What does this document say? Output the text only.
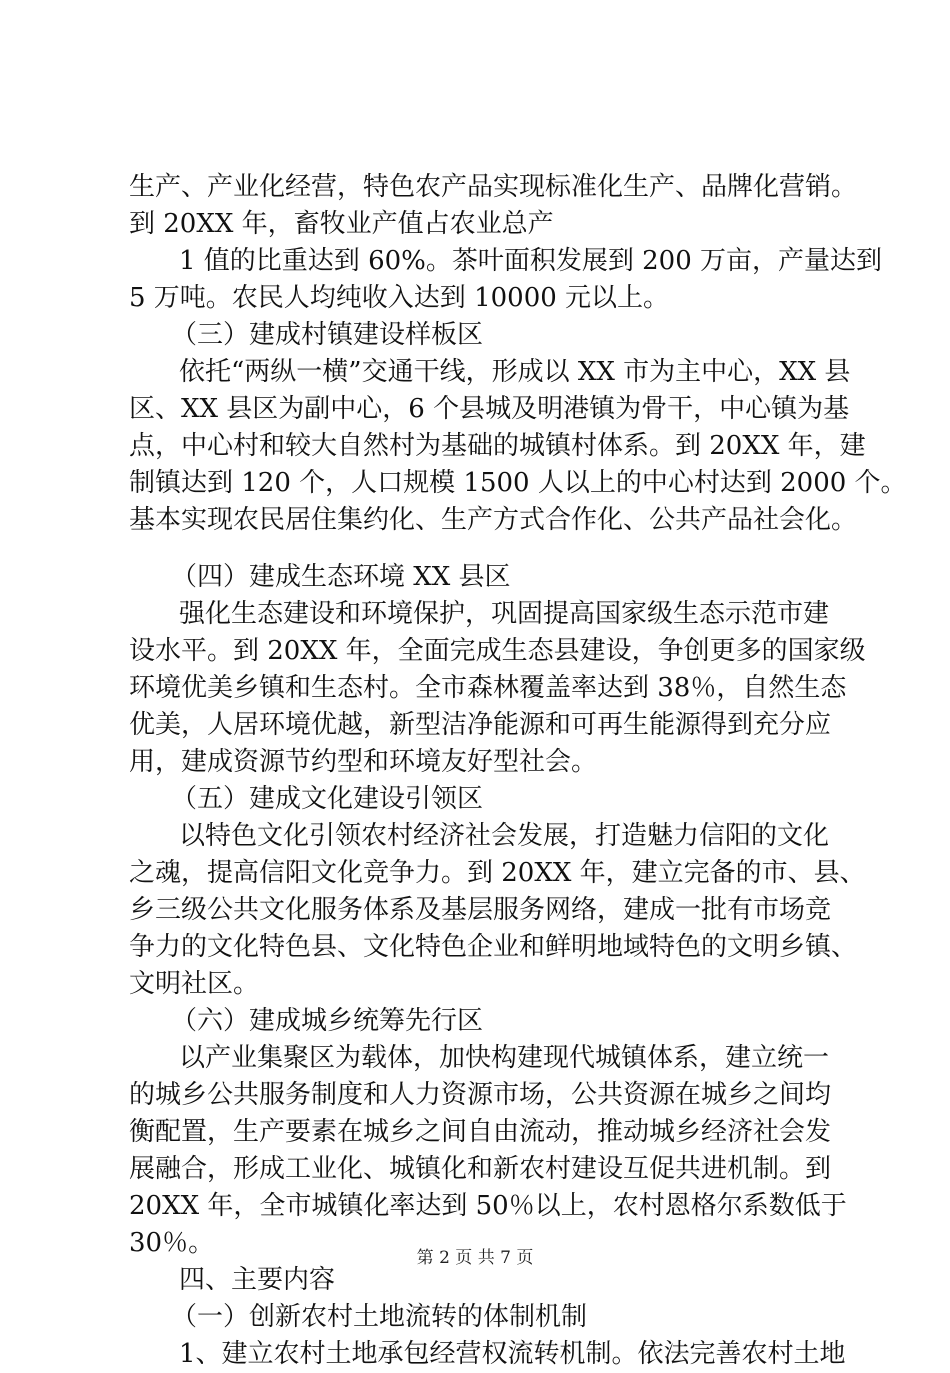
生产、产业化经营，特色农产品实现标准化生产、品牌化营销。
到 20XX 年，畜牧业产值占农业总产
1 值的比重达到 60%。茶叶面积发展到 200 万亩，产量达到
5 万吨。农民人均纯收入达到 10000 元以上。
（三）建成村镇建设样板区
依托“两纵一横”交通干线，形成以 XX 市为主中心，XX 县
区、XX 县区为副中心，6 个县城及明港镇为骨干，中心镇为基
点，中心村和较大自然村为基础的城镇村体系。到 20XX 年，建
制镇达到 120 个，人口规模 1500 人以上的中心村达到 2000 个。
基本实现农民居住集约化、生产方式合作化、公共产品社会化。
（四）建成生态环境 XX 县区
强化生态建设和环境保护，巩固提高国家级生态示范市建
设水平。到 20XX 年，全面完成生态县建设，争创更多的国家级
环境优美乡镇和生态村。全市森林覆盖率达到 38％，自然生态
优美，人居环境优越，新型洁净能源和可再生能源得到充分应
用，建成资源节约型和环境友好型社会。
（五）建成文化建设引领区
以特色文化引领农村经济社会发展，打造魅力信阳的文化
之魂，提高信阳文化竞争力。到 20XX 年，建立完备的市、县、
乡三级公共文化服务体系及基层服务网络，建成一批有市场竞
争力的文化特色县、文化特色企业和鲜明地域特色的文明乡镇、
文明社区。
（六）建成城乡统筹先行区
以产业集聚区为载体，加快构建现代城镇体系，建立统一
的城乡公共服务制度和人力资源市场，公共资源在城乡之间均
衡配置，生产要素在城乡之间自由流动，推动城乡经济社会发
展融合，形成工业化、城镇化和新农村建设互促共进机制。到
20XX 年，全市城镇化率达到 50％以上，农村恩格尔系数低于
30％。
四、主要内容
（一）创新农村土地流转的体制机制
1、建立农村土地承包经营权流转机制。依法完善农村土地
第 2 页 共 7 页
